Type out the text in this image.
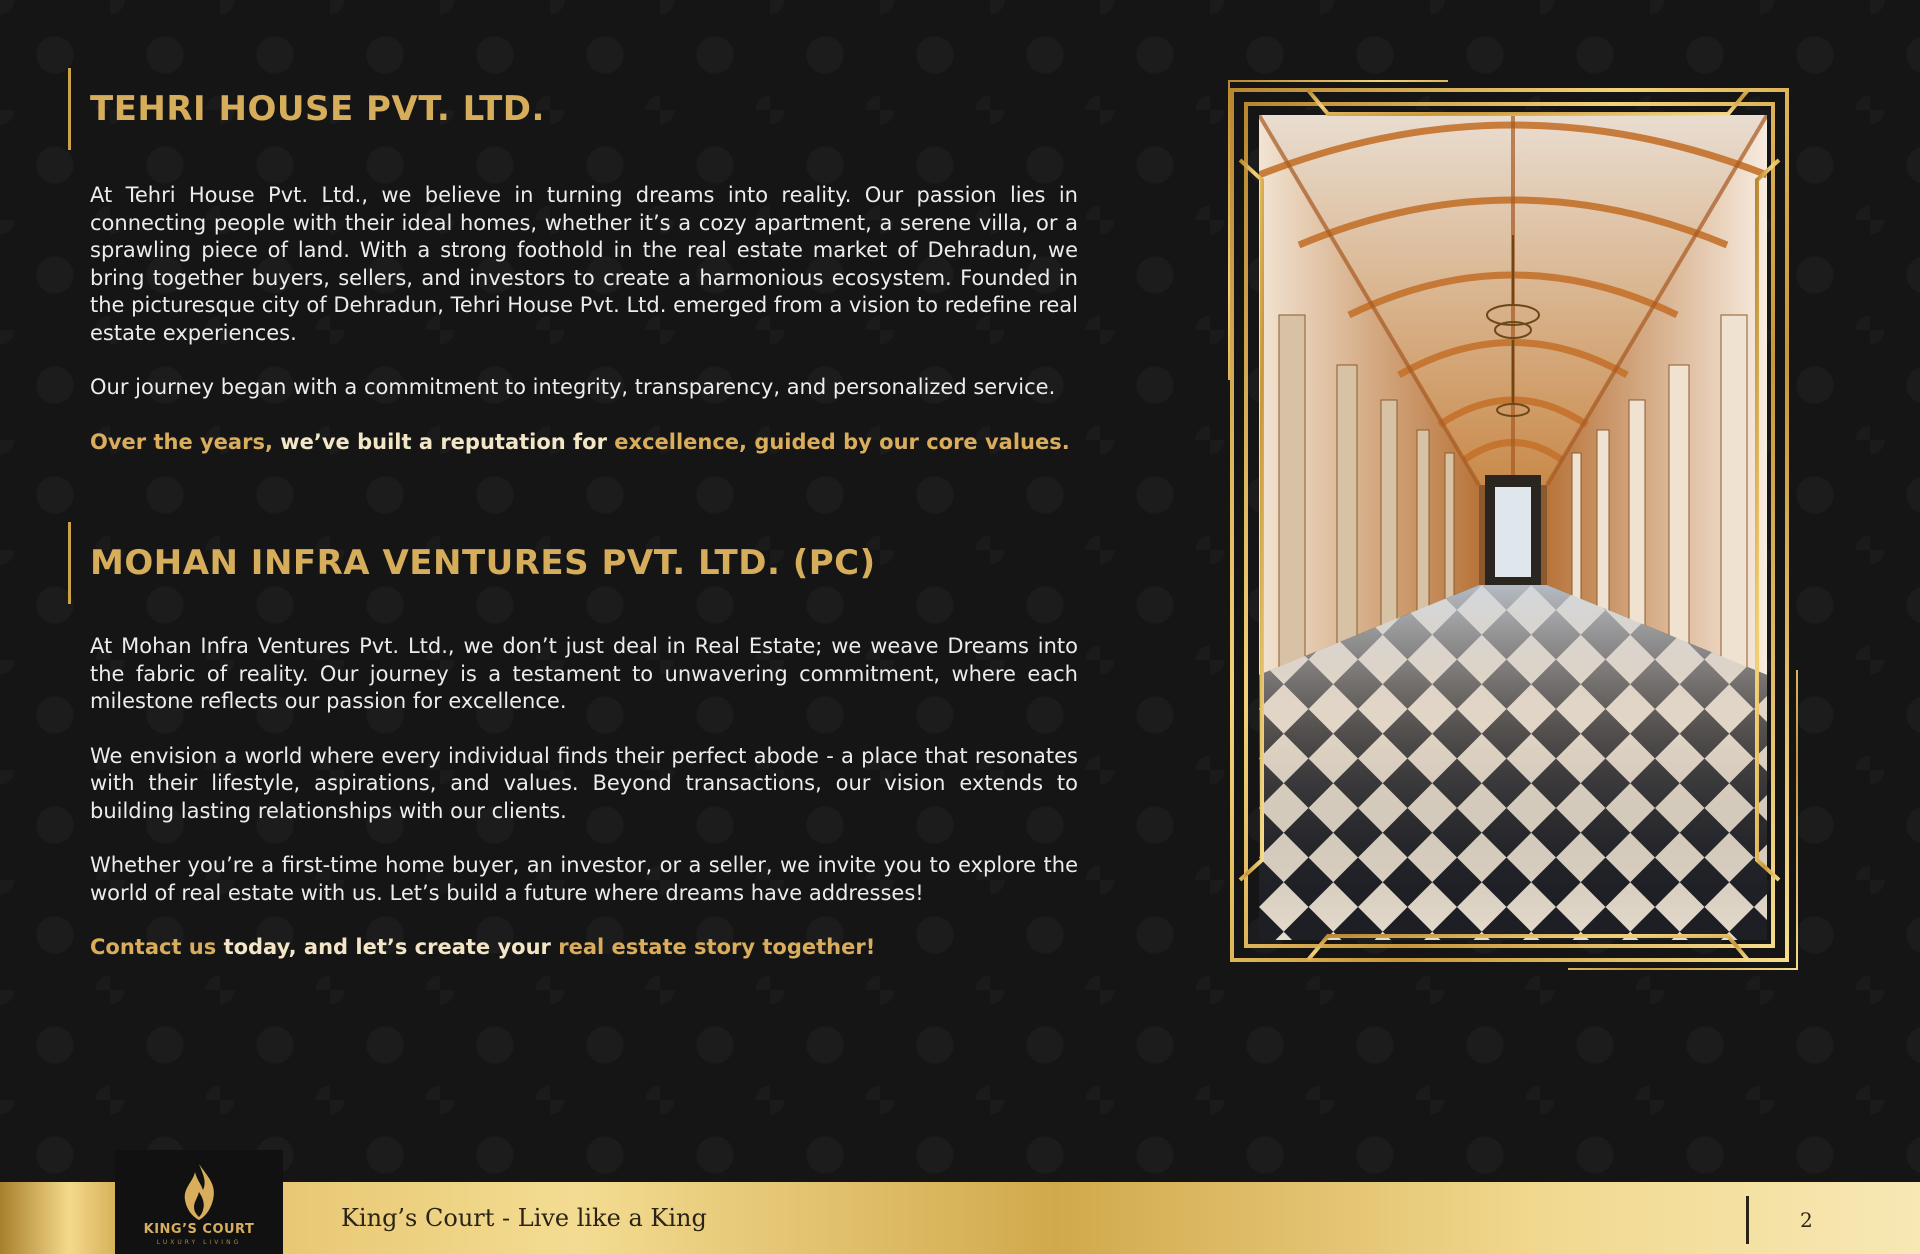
TEHRI HOUSE PVT. LTD.

At Tehri House Pvt. Ltd., we believe in turning dreams into reality. Our passion lies in connecting people with their ideal homes, whether it’s a cozy apartment, a serene villa, or a sprawling piece of land. With a strong foothold in the real estate market of Dehradun, we bring together buyers, sellers, and investors to create a harmonious ecosystem. Founded in the picturesque city of Dehradun, Tehri House Pvt. Ltd. emerged from a vision to redefine real estate experiences.

Our journey began with a commitment to integrity, transparency, and personalized service.

Over the years, we’ve built a reputation for excellence, guided by our core values.

MOHAN INFRA VENTURES PVT. LTD. (PC)

At Mohan Infra Ventures Pvt. Ltd., we don’t just deal in Real Estate; we weave Dreams into the fabric of reality. Our journey is a testament to unwavering commitment, where each milestone reflects our passion for excellence.

We envision a world where every individual finds their perfect abode - a place that resonates with their lifestyle, aspirations, and values. Beyond transactions, our vision extends to building lasting relationships with our clients.

Whether you’re a first-time home buyer, an investor, or a seller, we invite you to explore the world of real estate with us. Let’s build a future where dreams have addresses!

Contact us today, and let’s create your real estate story together!

KING’S COURT
LUXURY LIVING
King’s Court - Live like a King	2
